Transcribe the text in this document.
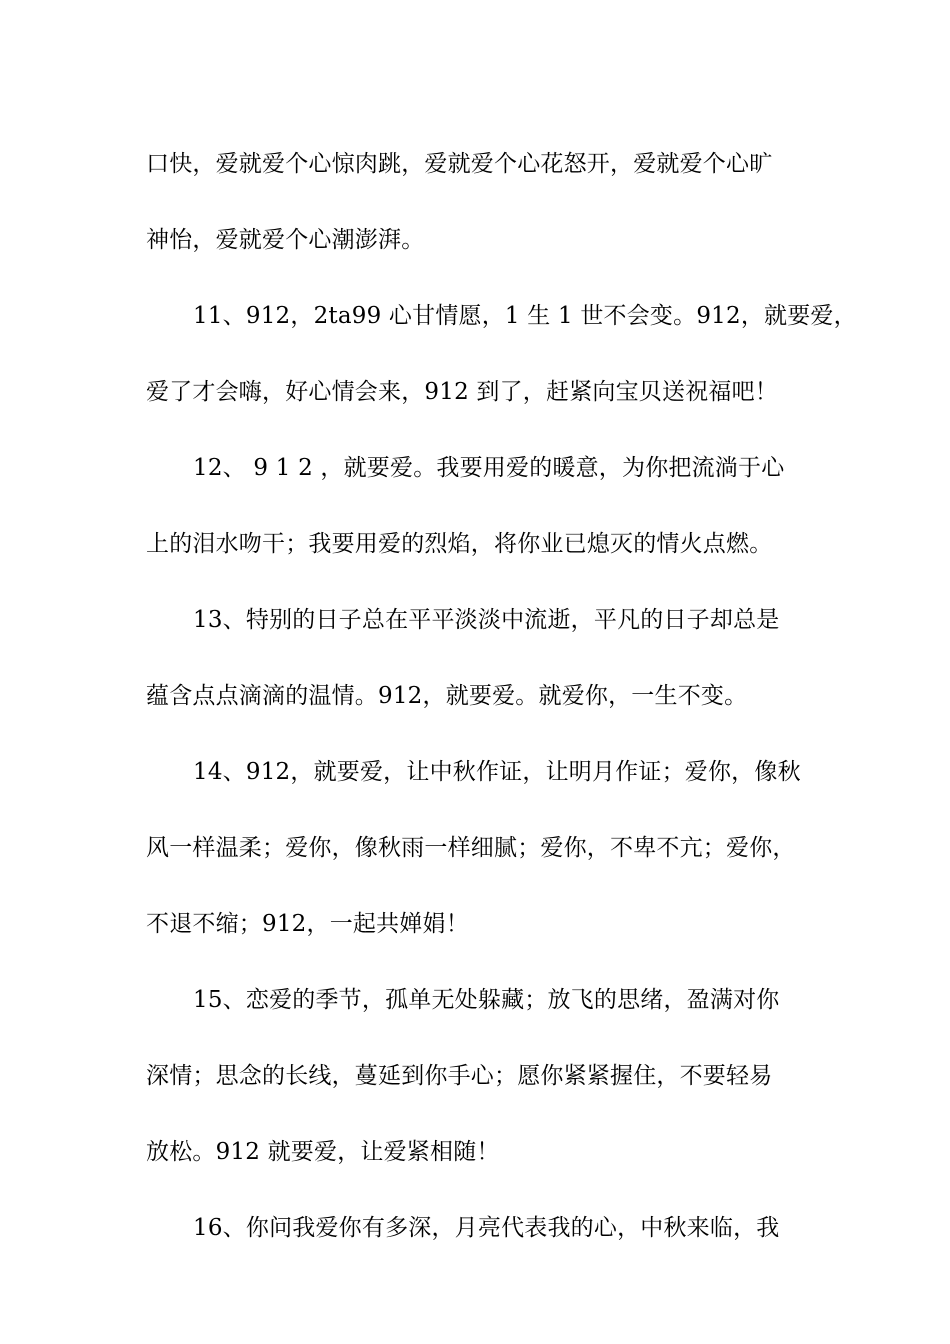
口快，爱就爱个心惊肉跳，爱就爱个心花怒开，爱就爱个心旷
神怡，爱就爱个心潮澎湃。
11、912，2ta99 心甘情愿，1 生 1 世不会变。912，就要爱，
爱了才会嗨，好心情会来，912 到了，赶紧向宝贝送祝福吧！
12、 9 1 2 ，就要爱。我要用爱的暖意，为你把流淌于心
上的泪水吻干；我要用爱的烈焰，将你业已熄灭的情火点燃。
13、特别的日子总在平平淡淡中流逝，平凡的日子却总是
蕴含点点滴滴的温情。912，就要爱。就爱你，一生不变。
14、912，就要爱，让中秋作证，让明月作证；爱你，像秋
风一样温柔；爱你，像秋雨一样细腻；爱你，不卑不亢；爱你，
不退不缩；912，一起共婵娟！
15、恋爱的季节，孤单无处躲藏；放飞的思绪，盈满对你
深情；思念的长线，蔓延到你手心；愿你紧紧握住，不要轻易
放松。912 就要爱，让爱紧相随！
16、你问我爱你有多深，月亮代表我的心，中秋来临，我
